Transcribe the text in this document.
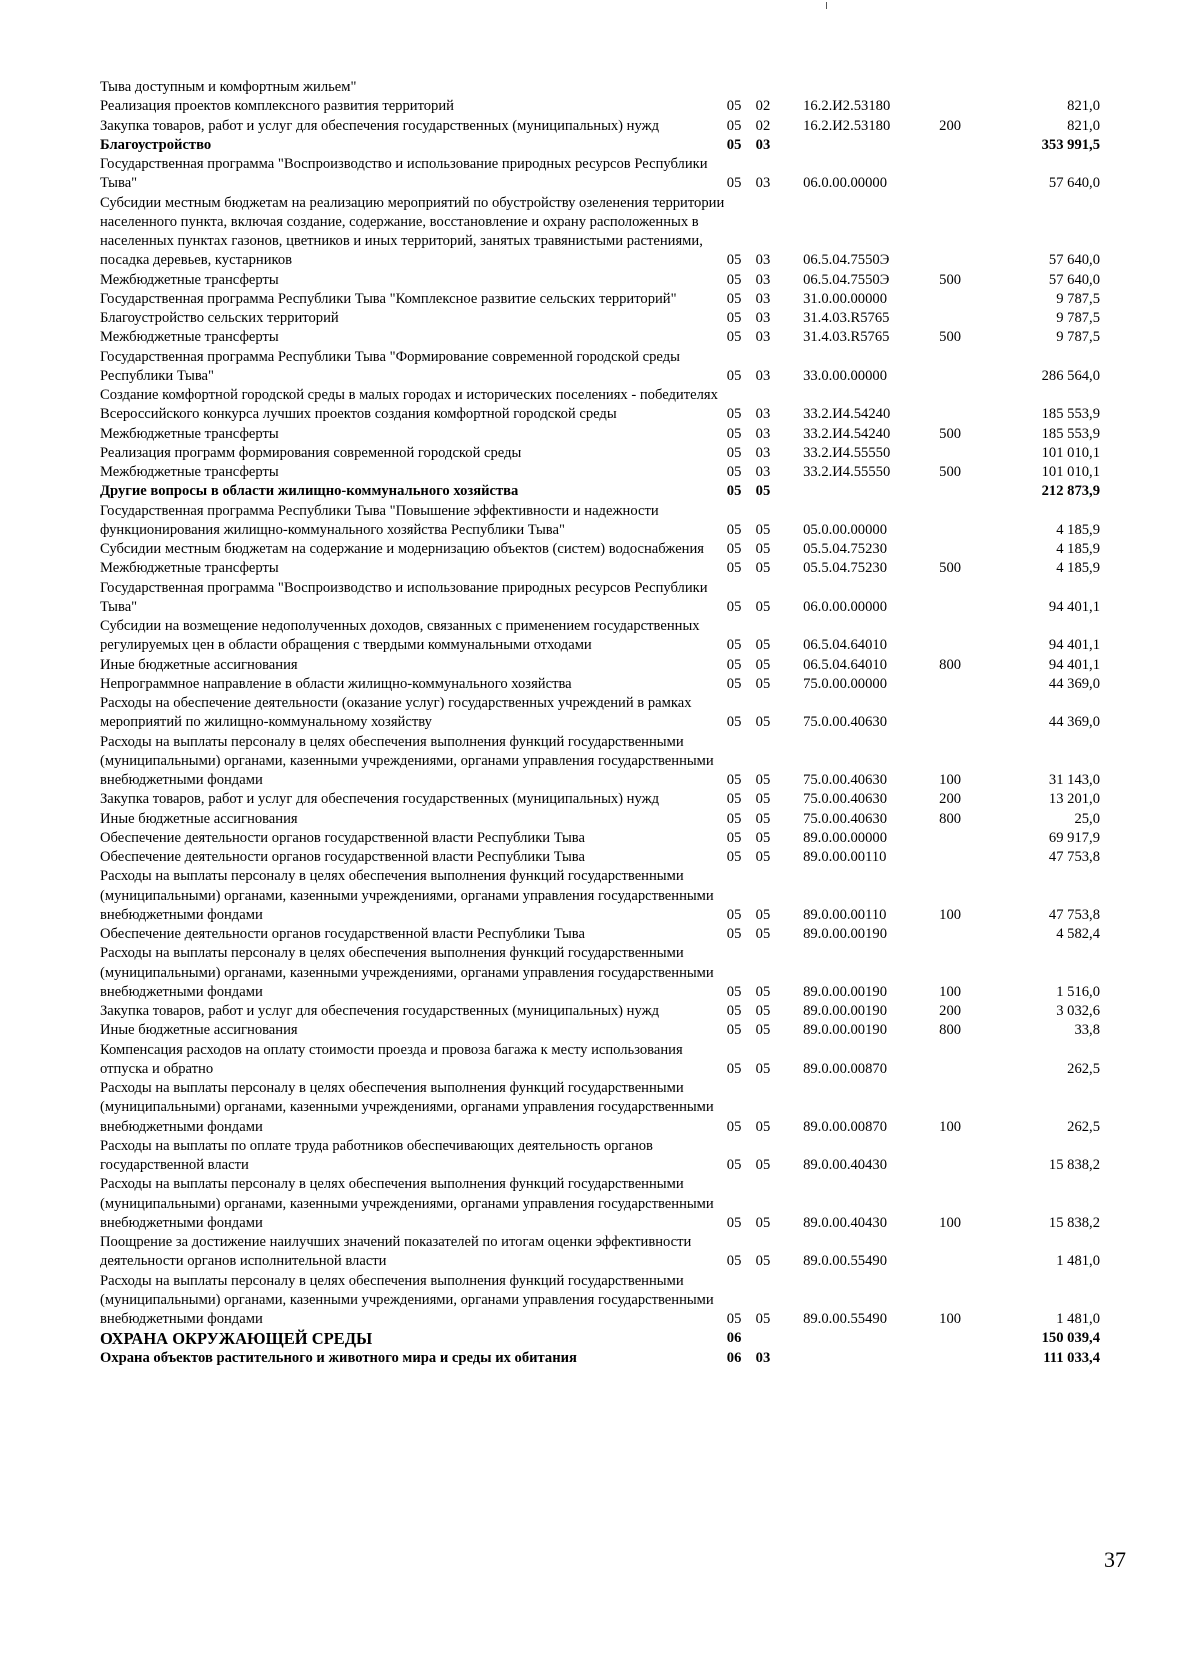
Тыва доступным и комфортным жильем"					
Реализация проектов комплексного развития территорий	05	02	16.2.И2.53180		821,0
Закупка товаров, работ и услуг для обеспечения государственных (муниципальных) нужд	05	02	16.2.И2.53180	200	821,0
Благоустройство	05	03			353 991,5
Государственная программа "Воспроизводство и использование природных ресурсов Республики Тыва"	05	03	06.0.00.00000		57 640,0
Субсидии местным бюджетам на реализацию мероприятий по обустройству озеленения территории населенного пункта, включая создание, содержание, восстановление и охрану расположенных в населенных пунктах газонов, цветников и иных территорий, занятых травянистыми растениями, посадка деревьев, кустарников	05	03	06.5.04.7550Э		57 640,0
Межбюджетные трансферты	05	03	06.5.04.7550Э	500	57 640,0
Государственная программа Республики Тыва "Комплексное развитие сельских территорий"	05	03	31.0.00.00000		9 787,5
Благоустройство сельских территорий	05	03	31.4.03.R5765		9 787,5
Межбюджетные трансферты	05	03	31.4.03.R5765	500	9 787,5
Государственная программа Республики Тыва "Формирование современной городской среды Республики Тыва"	05	03	33.0.00.00000		286 564,0
Создание комфортной городской среды в малых городах и исторических поселениях - победителях Всероссийского конкурса лучших проектов создания комфортной городской среды	05	03	33.2.И4.54240		185 553,9
Межбюджетные трансферты	05	03	33.2.И4.54240	500	185 553,9
Реализация программ формирования современной городской среды	05	03	33.2.И4.55550		101 010,1
Межбюджетные трансферты	05	03	33.2.И4.55550	500	101 010,1
Другие вопросы в области жилищно-коммунального хозяйства	05	05			212 873,9
Государственная программа Республики Тыва "Повышение эффективности и надежности функционирования жилищно-коммунального хозяйства Республики Тыва"	05	05	05.0.00.00000		4 185,9
Субсидии местным бюджетам на содержание и модернизацию объектов (систем) водоснабжения	05	05	05.5.04.75230		4 185,9
Межбюджетные трансферты	05	05	05.5.04.75230	500	4 185,9
Государственная программа "Воспроизводство и использование природных ресурсов Республики Тыва"	05	05	06.0.00.00000		94 401,1
Субсидии на возмещение недополученных доходов, связанных с применением государственных регулируемых цен в области обращения с твердыми коммунальными отходами	05	05	06.5.04.64010		94 401,1
Иные бюджетные ассигнования	05	05	06.5.04.64010	800	94 401,1
Непрограммное направление в области жилищно-коммунального хозяйства	05	05	75.0.00.00000		44 369,0
Расходы на обеспечение деятельности (оказание услуг) государственных учреждений в рамках мероприятий по жилищно-коммунальному хозяйству	05	05	75.0.00.40630		44 369,0
Расходы на выплаты персоналу в целях обеспечения выполнения функций государственными (муниципальными) органами, казенными учреждениями, органами управления государственными внебюджетными фондами	05	05	75.0.00.40630	100	31 143,0
Закупка товаров, работ и услуг для обеспечения государственных (муниципальных) нужд	05	05	75.0.00.40630	200	13 201,0
Иные бюджетные ассигнования	05	05	75.0.00.40630	800	25,0
Обеспечение деятельности органов государственной власти Республики Тыва	05	05	89.0.00.00000		69 917,9
Обеспечение деятельности органов государственной власти Республики Тыва	05	05	89.0.00.00110		47 753,8
Расходы на выплаты персоналу в целях обеспечения выполнения функций государственными (муниципальными) органами, казенными учреждениями, органами управления государственными внебюджетными фондами	05	05	89.0.00.00110	100	47 753,8
Обеспечение деятельности органов государственной власти Республики Тыва	05	05	89.0.00.00190		4 582,4
Расходы на выплаты персоналу в целях обеспечения выполнения функций государственными (муниципальными) органами, казенными учреждениями, органами управления государственными внебюджетными фондами	05	05	89.0.00.00190	100	1 516,0
Закупка товаров, работ и услуг для обеспечения государственных (муниципальных) нужд	05	05	89.0.00.00190	200	3 032,6
Иные бюджетные ассигнования	05	05	89.0.00.00190	800	33,8
Компенсация расходов на оплату стоимости проезда и провоза багажа к месту использования отпуска и обратно	05	05	89.0.00.00870		262,5
Расходы на выплаты персоналу в целях обеспечения выполнения функций государственными (муниципальными) органами, казенными учреждениями, органами управления государственными внебюджетными фондами	05	05	89.0.00.00870	100	262,5
Расходы на выплаты по оплате труда работников обеспечивающих деятельность органов государственной власти	05	05	89.0.00.40430		15 838,2
Расходы на выплаты персоналу в целях обеспечения выполнения функций государственными (муниципальными) органами, казенными учреждениями, органами управления государственными внебюджетными фондами	05	05	89.0.00.40430	100	15 838,2
Поощрение за достижение наилучших значений показателей по итогам оценки эффективности деятельности органов исполнительной власти	05	05	89.0.00.55490		1 481,0
Расходы на выплаты персоналу в целях обеспечения выполнения функций государственными (муниципальными) органами, казенными учреждениями, органами управления государственными внебюджетными фондами	05	05	89.0.00.55490	100	1 481,0
ОХРАНА ОКРУЖАЮЩЕЙ СРЕДЫ	06				150 039,4
Охрана объектов растительного и животного мира и среды их обитания	06	03			111 033,4
37
